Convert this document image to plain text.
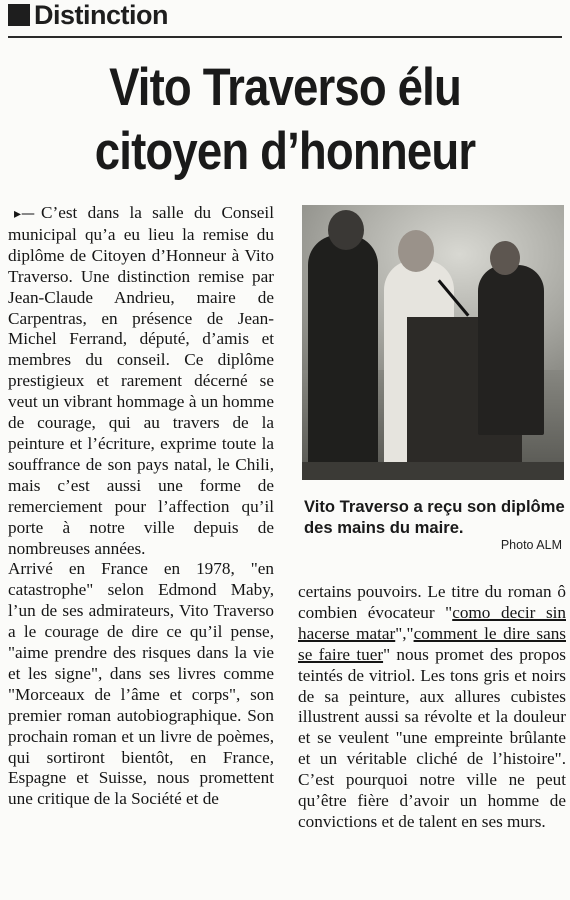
Distinction
Vito Traverso élu
citoyen d’honneur

▸— C’est dans la salle du Conseil municipal qu’a eu lieu la remise du diplôme de Citoyen d’Honneur à Vito Traverso. Une distinction remise par Jean-Claude Andrieu, maire de Carpentras, en présence de Jean-Michel Ferrand, député, d’amis et membres du conseil. Ce diplôme prestigieux et rarement décerné se veut un vibrant hommage à un homme de courage, qui au travers de la peinture et l’écriture, exprime toute la souffrance de son pays natal, le Chili, mais c’est aussi une forme de remerciement pour l’affection qu’il porte à notre ville depuis de nombreuses années.

Arrivé en France en 1978, "en catastrophe" selon Edmond Maby, l’un de ses admirateurs, Vito Traverso a le courage de dire ce qu’il pense, "aime prendre des risques dans la vie et les signe", dans ses livres comme "Morceaux de l’âme et corps", son premier roman autobiographique. Son prochain roman et un livre de poèmes, qui sortiront bientôt, en France, Espagne et Suisse, nous promettent une critique de la Société et de

Vito Traverso a reçu son diplôme des mains du maire.
Photo ALM

certains pouvoirs. Le titre du roman ô combien évocateur "como decir sin hacerse matar","comment le dire sans se faire tuer" nous promet des propos teintés de vitriol. Les tons gris et noirs de sa peinture, aux allures cubistes illustrent aussi sa révolte et la douleur et se veulent "une empreinte brûlante et un véritable cliché de l’histoire". C’est pourquoi notre ville ne peut qu’être fière d’avoir un homme de convictions et de talent en ses murs.
